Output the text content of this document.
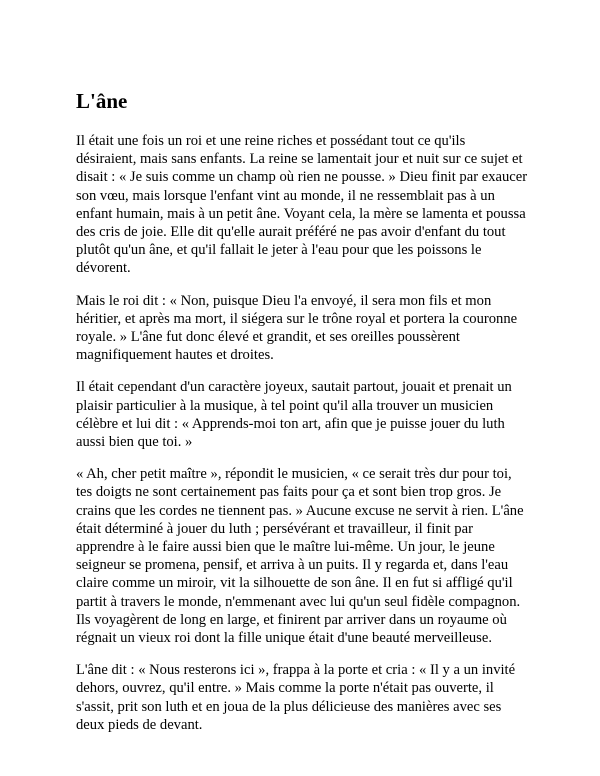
L'âne

Il était une fois un roi et une reine riches et possédant tout ce qu'ils désiraient, mais sans enfants. La reine se lamentait jour et nuit sur ce sujet et disait : « Je suis comme un champ où rien ne pousse. » Dieu finit par exaucer son vœu, mais lorsque l'enfant vint au monde, il ne ressemblait pas à un enfant humain, mais à un petit âne. Voyant cela, la mère se lamenta et poussa des cris de joie. Elle dit qu'elle aurait préféré ne pas avoir d'enfant du tout plutôt qu'un âne, et qu'il fallait le jeter à l'eau pour que les poissons le dévorent.

Mais le roi dit : « Non, puisque Dieu l'a envoyé, il sera mon fils et mon héritier, et après ma mort, il siégera sur le trône royal et portera la couronne royale. » L'âne fut donc élevé et grandit, et ses oreilles poussèrent magnifiquement hautes et droites.

Il était cependant d'un caractère joyeux, sautait partout, jouait et prenait un plaisir particulier à la musique, à tel point qu'il alla trouver un musicien célèbre et lui dit : « Apprends-moi ton art, afin que je puisse jouer du luth aussi bien que toi. »

« Ah, cher petit maître », répondit le musicien, « ce serait très dur pour toi, tes doigts ne sont certainement pas faits pour ça et sont bien trop gros. Je crains que les cordes ne tiennent pas. » Aucune excuse ne servit à rien. L'âne était déterminé à jouer du luth ; persévérant et travailleur, il finit par apprendre à le faire aussi bien que le maître lui-même. Un jour, le jeune seigneur se promena, pensif, et arriva à un puits. Il y regarda et, dans l'eau claire comme un miroir, vit la silhouette de son âne. Il en fut si affligé qu'il partit à travers le monde, n'emmenant avec lui qu'un seul fidèle compagnon. Ils voyagèrent de long en large, et finirent par arriver dans un royaume où régnait un vieux roi dont la fille unique était d'une beauté merveilleuse.

L'âne dit : « Nous resterons ici », frappa à la porte et cria : « Il y a un invité dehors, ouvrez, qu'il entre. » Mais comme la porte n'était pas ouverte, il s'assit, prit son luth et en joua de la plus délicieuse des manières avec ses deux pieds de devant.
